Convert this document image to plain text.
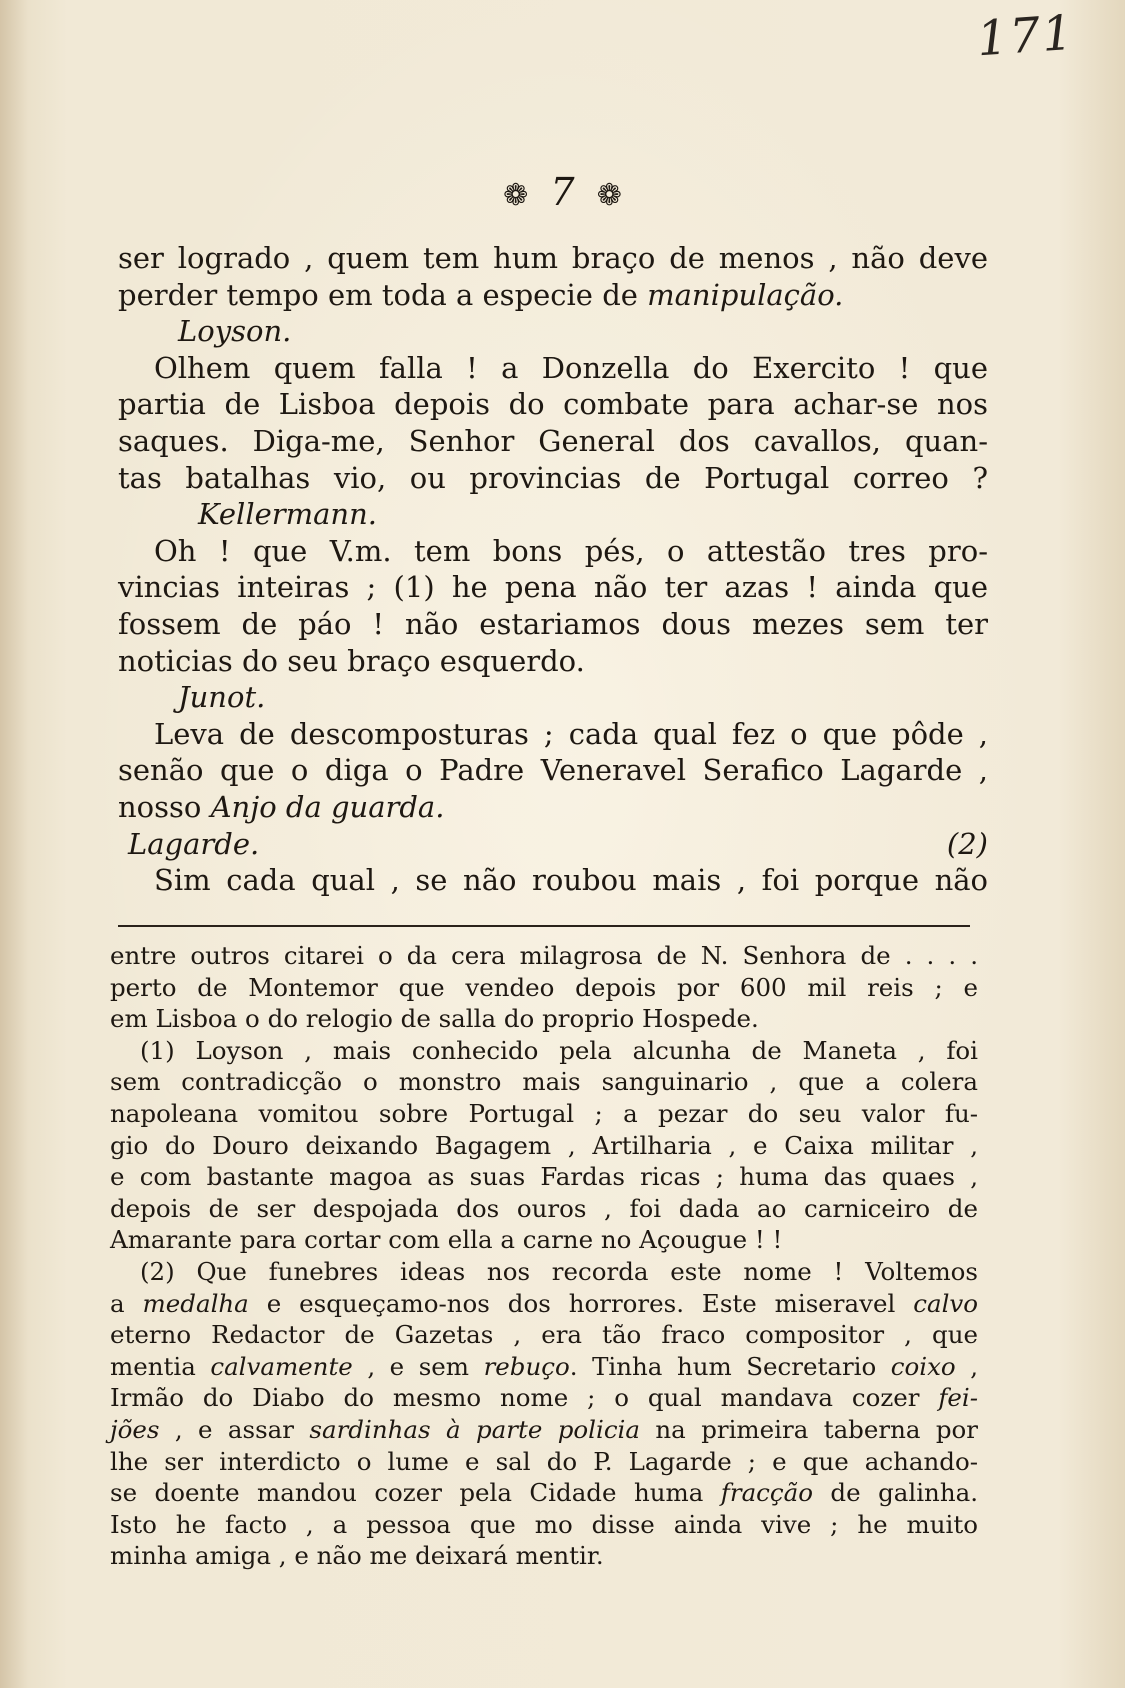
171
❁ 7 ❁

ser logrado , quem tem hum braço de menos , não deve

perder tempo em toda a especie de manipulação.

Loyson.

Olhem quem falla ! a Donzella do Exercito ! que

partia de Lisboa depois do combate para achar-se nos

saques. Diga-me, Senhor General dos cavallos, quan-

tas batalhas vio, ou provincias de Portugal correo ?

Kellermann.

Oh ! que V.m. tem bons pés, o attestão tres pro-

vincias inteiras ; (1) he pena não ter azas ! ainda que

fossem de páo ! não estariamos dous mezes sem ter

noticias do seu braço esquerdo.

Junot.

Leva de descomposturas ; cada qual fez o que pôde ,

senão que o diga o Padre Veneravel Serafico Lagarde ,

nosso Anjo da guarda.

Lagarde.	(2)

Sim cada qual , se não roubou mais , foi porque não

entre outros citarei o da cera milagrosa de N. Senhora de . . . .

perto de Montemor que vendeo depois por 600 mil reis ; e

em Lisboa o do relogio de salla do proprio Hospede.

(1) Loyson , mais conhecido pela alcunha de Maneta , foi

sem contradicção o monstro mais sanguinario , que a colera

napoleana vomitou sobre Portugal ; a pezar do seu valor fu-

gio do Douro deixando Bagagem , Artilharia , e Caixa militar ,

e com bastante magoa as suas Fardas ricas ; huma das quaes ,

depois de ser despojada dos ouros , foi dada ao carniceiro de

Amarante para cortar com ella a carne no Açougue ! !

(2) Que funebres ideas nos recorda este nome ! Voltemos

a medalha e esqueçamo-nos dos horrores. Este miseravel calvo

eterno Redactor de Gazetas , era tão fraco compositor , que

mentia calvamente , e sem rebuço. Tinha hum Secretario coixo ,

Irmão do Diabo do mesmo nome ; o qual mandava cozer fei-

jões , e assar sardinhas à parte policia na primeira taberna por

lhe ser interdicto o lume e sal do P. Lagarde ; e que achando-

se doente mandou cozer pela Cidade huma fracção de galinha.

Isto he facto , a pessoa que mo disse ainda vive ; he muito

minha amiga , e não me deixará mentir.
